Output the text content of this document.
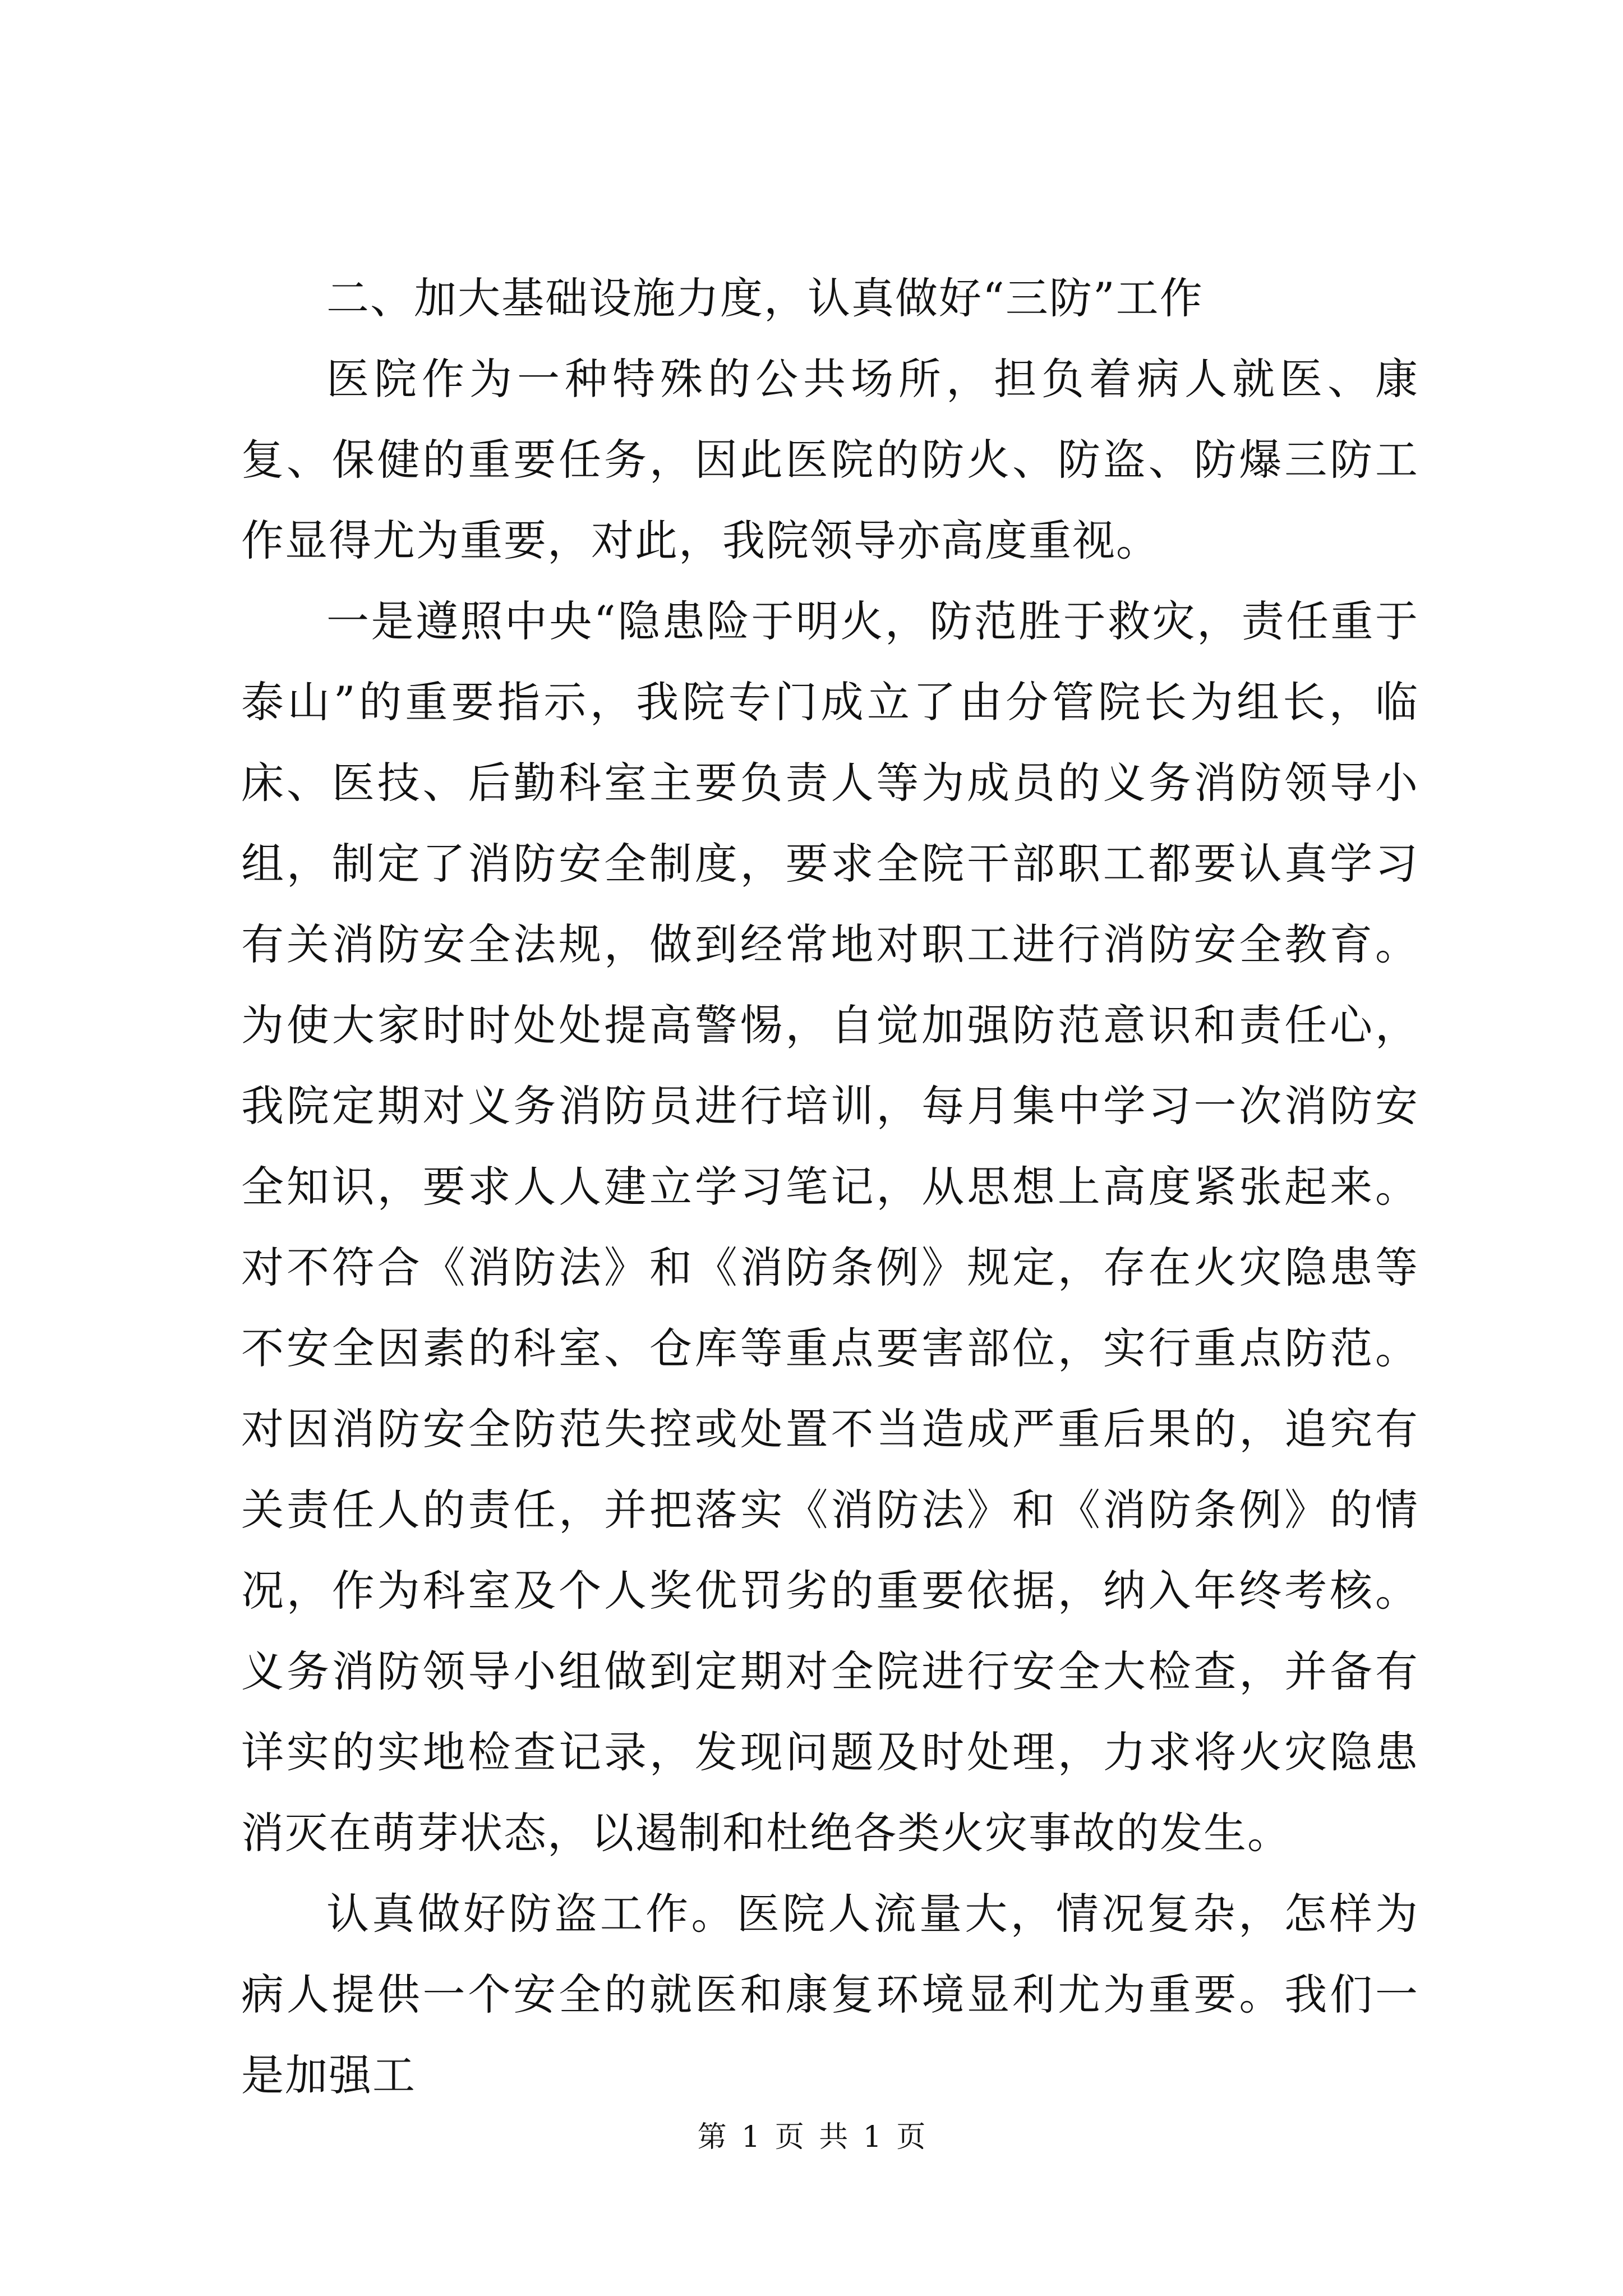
二、加大基础设施力度，认真做好“三防”工作

医院作为一种特殊的公共场所，担负着病人就医、康复、保健的重要任务，因此医院的防火、防盗、防爆三防工作显得尤为重要，对此，我院领导亦高度重视。

一是遵照中央“隐患险于明火，防范胜于救灾，责任重于泰山”的重要指示，我院专门成立了由分管院长为组长，临床、医技、后勤科室主要负责人等为成员的义务消防领导小组，制定了消防安全制度，要求全院干部职工都要认真学习有关消防安全法规，做到经常地对职工进行消防安全教育。为使大家时时处处提高警惕，自觉加强防范意识和责任心，我院定期对义务消防员进行培训，每月集中学习一次消防安全知识，要求人人建立学习笔记，从思想上高度紧张起来。对不符合《消防法》和《消防条例》规定，存在火灾隐患等不安全因素的科室、仓库等重点要害部位，实行重点防范。对因消防安全防范失控或处置不当造成严重后果的，追究有关责任人的责任，并把落实《消防法》和《消防条例》的情况，作为科室及个人奖优罚劣的重要依据，纳入年终考核。义务消防领导小组做到定期对全院进行安全大检查，并备有详实的实地检查记录，发现问题及时处理，力求将火灾隐患消灭在萌芽状态，以遏制和杜绝各类火灾事故的发生。

认真做好防盗工作。医院人流量大，情况复杂，怎样为病人提供一个安全的就医和康复环境显利尤为重要。我们一是加强工

第 1 页 共 1 页
